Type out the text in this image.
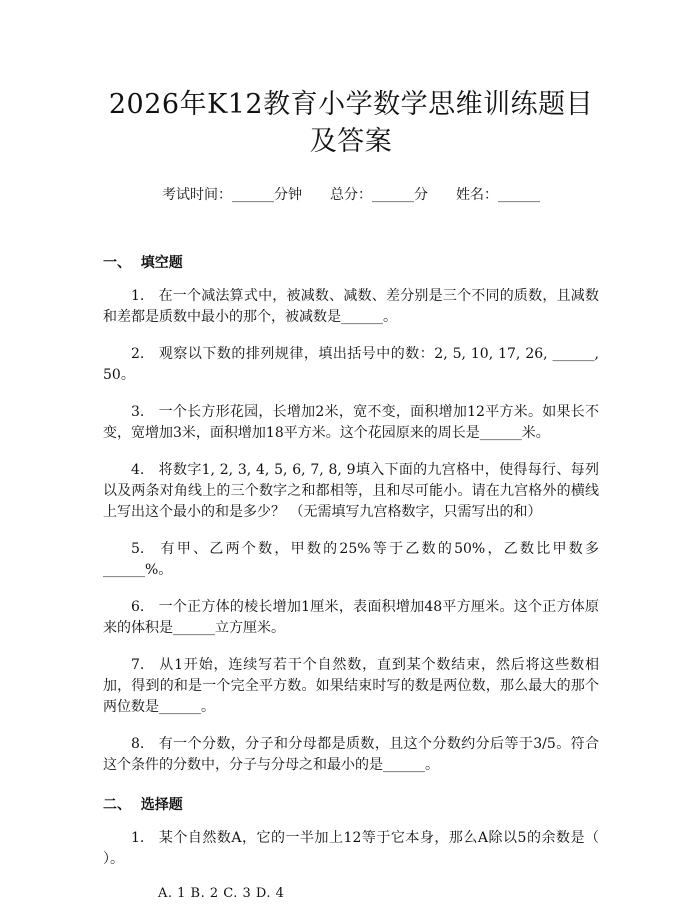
2026年K12教育小学数学思维训练题目及答案
考试时间：______分钟 总分：______分 姓名：______
一、  填空题

1. 在一个减法算式中，被减数、减数、差分别是三个不同的质数，且减数和差都是质数中最小的那个，被减数是______。

2. 观察以下数的排列规律，填出括号中的数：2, 5, 10, 17, 26, ______, 50。

3. 一个长方形花园，长增加2米，宽不变，面积增加12平方米。如果长不变，宽增加3米，面积增加18平方米。这个花园原来的周长是______米。

4. 将数字1, 2, 3, 4, 5, 6, 7, 8, 9填入下面的九宫格中，使得每行、每列以及两条对角线上的三个数字之和都相等，且和尽可能小。请在九宫格外的横线上写出这个最小的和是多少？ （无需填写九宫格数字，只需写出的和）

5. 有甲、乙两个数，甲数的25%等于乙数的50%，乙数比甲数多______%。

6. 一个正方体的棱长增加1厘米，表面积增加48平方厘米。这个正方体原来的体积是______立方厘米。

7. 从1开始，连续写若干个自然数，直到某个数结束，然后将这些数相加，得到的和是一个完全平方数。如果结束时写的数是两位数，那么最大的那个两位数是______。

8. 有一个分数，分子和分母都是质数，且这个分数约分后等于3/5。符合这个条件的分数中，分子与分母之和最小的是______。

二、  选择题

1. 某个自然数A，它的一半加上12等于它本身，那么A除以5的余数是（ ）。

A. 1 B. 2 C. 3 D. 4
